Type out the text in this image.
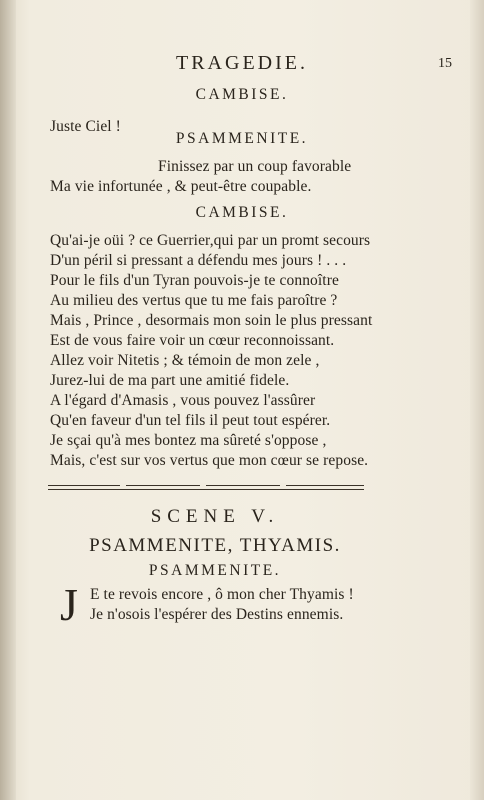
TRAGEDIE.	15
CAMBISE.
Juste Ciel !
PSAMMENITE.
Finissez par un coup favorable
Ma vie infortunée , & peut-être coupable.
CAMBISE.
Qu'ai-je oüi ? ce Guerrier,qui par un promt secours
D'un péril si pressant a défendu mes jours ! . . .
Pour le fils d'un Tyran pouvois-je te connoître
Au milieu des vertus que tu me fais paroître ?
Mais , Prince , desormais mon soin le plus pressant
Est de vous faire voir un cœur reconnoissant.
Allez voir Nitetis ; & témoin de mon zele ,
Jurez-lui de ma part une amitié fidele.
A l'égard d'Amasis , vous pouvez l'assûrer
Qu'en faveur d'un tel fils il peut tout espérer.
Je sçai qu'à mes bontez ma sûreté s'oppose ,
Mais, c'est sur vos vertus que mon cœur se repose.
SCENE V.
PSAMMENITE, THYAMIS.
PSAMMENITE.
J E te revois encore , ô mon cher Thyamis !
Je n'osois l'espérer des Destins ennemis.
